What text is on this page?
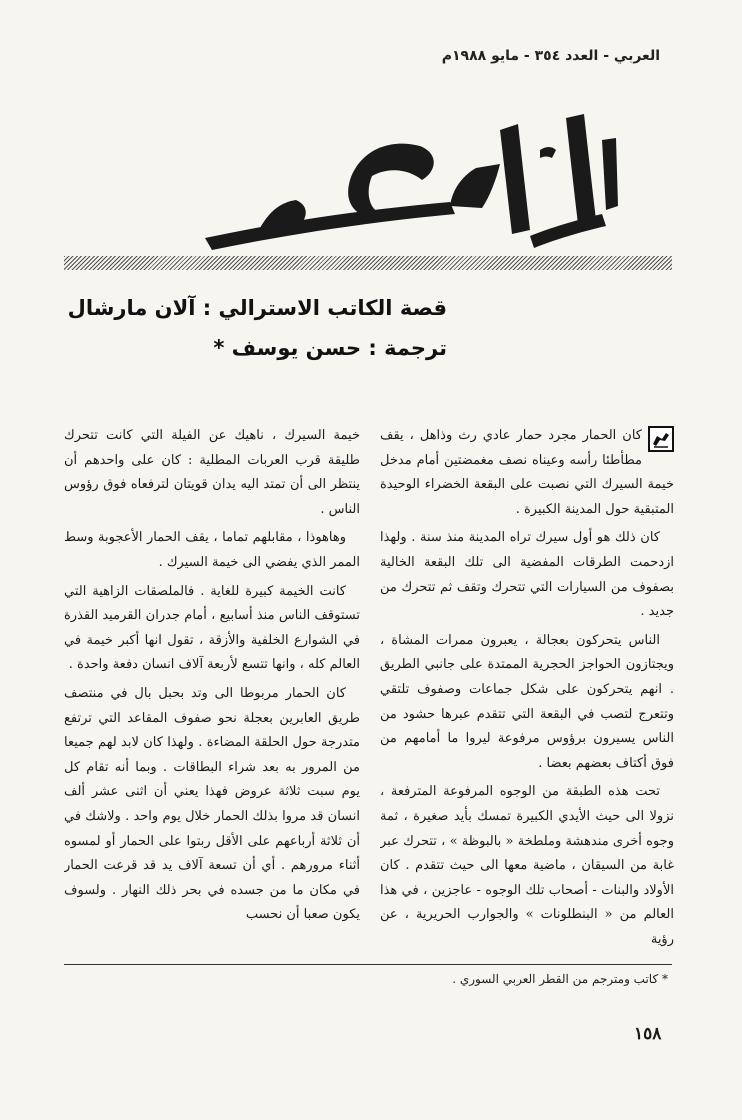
العربي - العدد ٣٥٤ - مايو ١٩٨٨م
قصة الكاتب الاسترالي : آلان مارشال
ترجمة : حسن يوسف *

كان الحمار مجرد حمار عادي رث وذاهل ، يقف مطأطئا رأسه وعيناه نصف مغمضتين أمام مدخل خيمة السيرك التي نصبت على البقعة الخضراء الوحيدة المتبقية حول المدينة الكبيرة .

كان ذلك هو أول سيرك تراه المدينة منذ سنة . ولهذا ازدحمت الطرقات المفضية الى تلك البقعة الخالية بصفوف من السيارات التي تتحرك وتقف ثم تتحرك من جديد .

الناس يتحركون بعجالة ، يعبرون ممرات المشاة ، ويجتازون الحواجز الحجرية الممتدة على جانبي الطريق . انهم يتحركون على شكل جماعات وصفوف تلتقي وتتعرج لتصب في البقعة التي تتقدم عبرها حشود من الناس يسيرون برؤوس مرفوعة ليروا ما أمامهم من فوق أكتاف بعضهم بعضا .

تحت هذه الطبقة من الوجوه المرفوعة المترفعة ، نزولا الى حيث الأيدي الكبيرة تمسك بأيد صغيرة ، ثمة وجوه أخرى مندهشة وملطخة « بالبوظة » ، تتحرك عبر غابة من السيقان ، ماضية معها الى حيث تتقدم . كان الأولاد والبنات - أصحاب تلك الوجوه - عاجزين ، في هذا العالم من « البنطلونات » والجوارب الحريرية ، عن رؤية

خيمة السيرك ، ناهيك عن الفيلة التي كانت تتحرك طليقة قرب العربات المطلية : كان على واحدهم أن ينتظر الى أن تمتد اليه يدان قويتان لترفعاه فوق رؤوس الناس .

وهاهوذا ، مقابلهم تماما ، يقف الحمار الأعجوبة وسط الممر الذي يفضي الى خيمة السيرك .

كانت الخيمة كبيرة للغاية . فالملصقات الزاهية التي تستوقف الناس منذ أسابيع ، أمام جدران القرميد القذرة في الشوارع الخلفية والأزقة ، تقول انها أكبر خيمة في العالم كله ، وانها تتسع لأربعة آلاف انسان دفعة واحدة .

كان الحمار مربوطا الى وتد بحبل بال في منتصف طريق العابرين بعجلة نحو صفوف المقاعد التي ترتفع متدرجة حول الحلقة المضاءة . ولهذا كان لابد لهم جميعا من المرور به بعد شراء البطاقات . وبما أنه تقام كل يوم سبت ثلاثة عروض فهذا يعني أن اثنى عشر ألف انسان قد مروا بذلك الحمار خلال يوم واحد . ولاشك في أن ثلاثة أرباعهم على الأقل ربتوا على الحمار أو لمسوه أثناء مرورهم . أي أن تسعة آلاف يد قد قرعت الحمار في مكان ما من جسده في بحر ذلك النهار . ولسوف يكون صعبا أن نحسب

* كاتب ومترجم من القطر العربي السوري .
١٥٨
